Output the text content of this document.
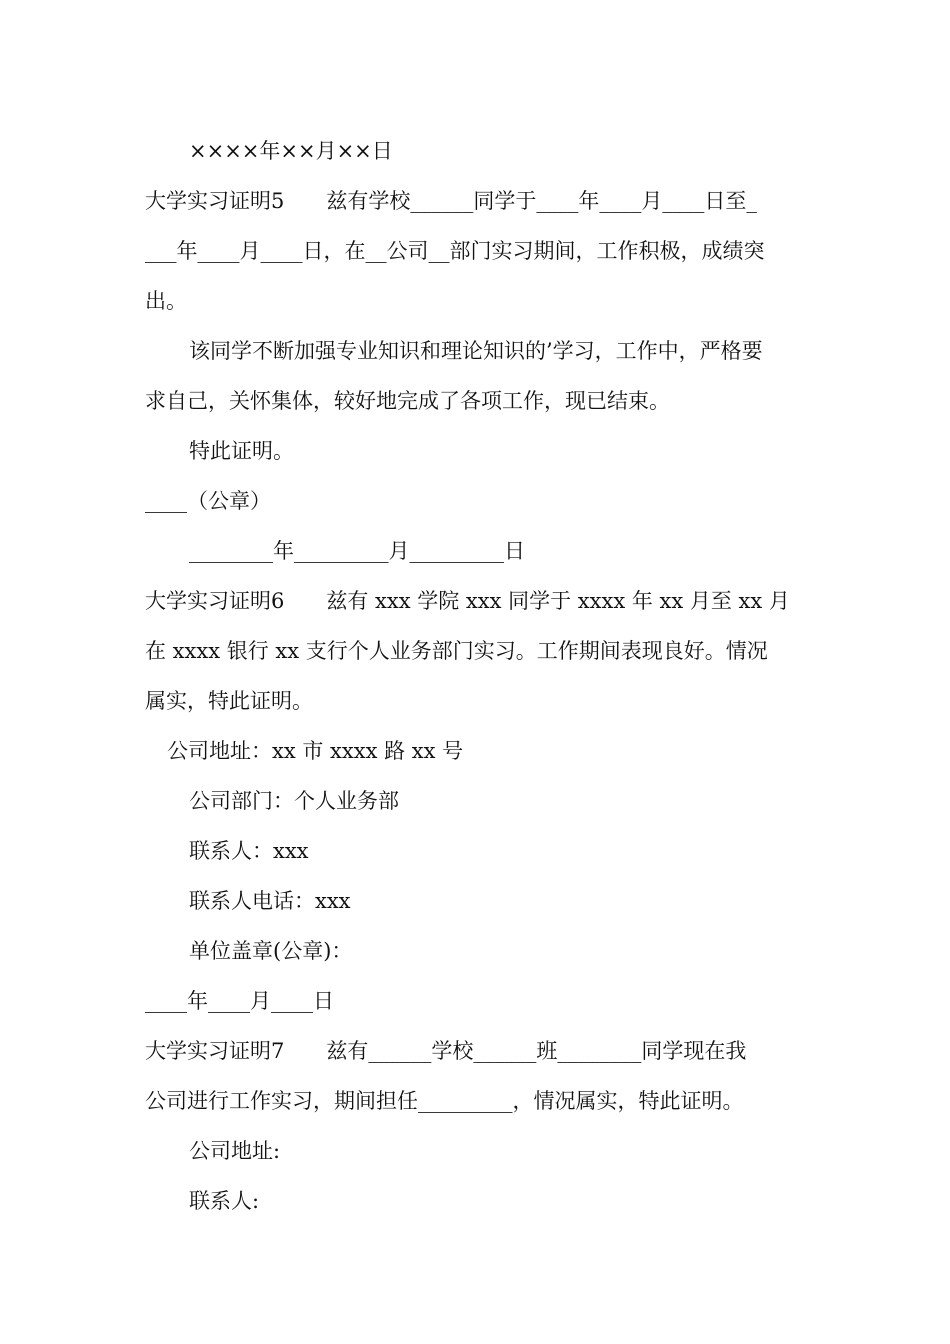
××××年××月××日
大学实习证明5　　兹有学校______同学于____年____月____日至_
___年____月____日，在__公司__部门实习期间，工作积极，成绩突
出。
该同学不断加强专业知识和理论知识的’学习，工作中，严格要
求自己，关怀集体，较好地完成了各项工作，现已结束。
特此证明。
____（公章）
________年_________月_________日
大学实习证明6　　兹有 xxx 学院 xxx 同学于 xxxx 年 xx 月至 xx 月
在 xxxx 银行 xx 支行个人业务部门实习。工作期间表现良好。情况
属实，特此证明。
公司地址：xx 市 xxxx 路 xx 号
公司部门：个人业务部
联系人：xxx
联系人电话：xxx
单位盖章(公章)：
____年____月____日
大学实习证明7　　兹有______学校______班________同学现在我
公司进行工作实习，期间担任_________，情况属实，特此证明。
公司地址:
联系人:
